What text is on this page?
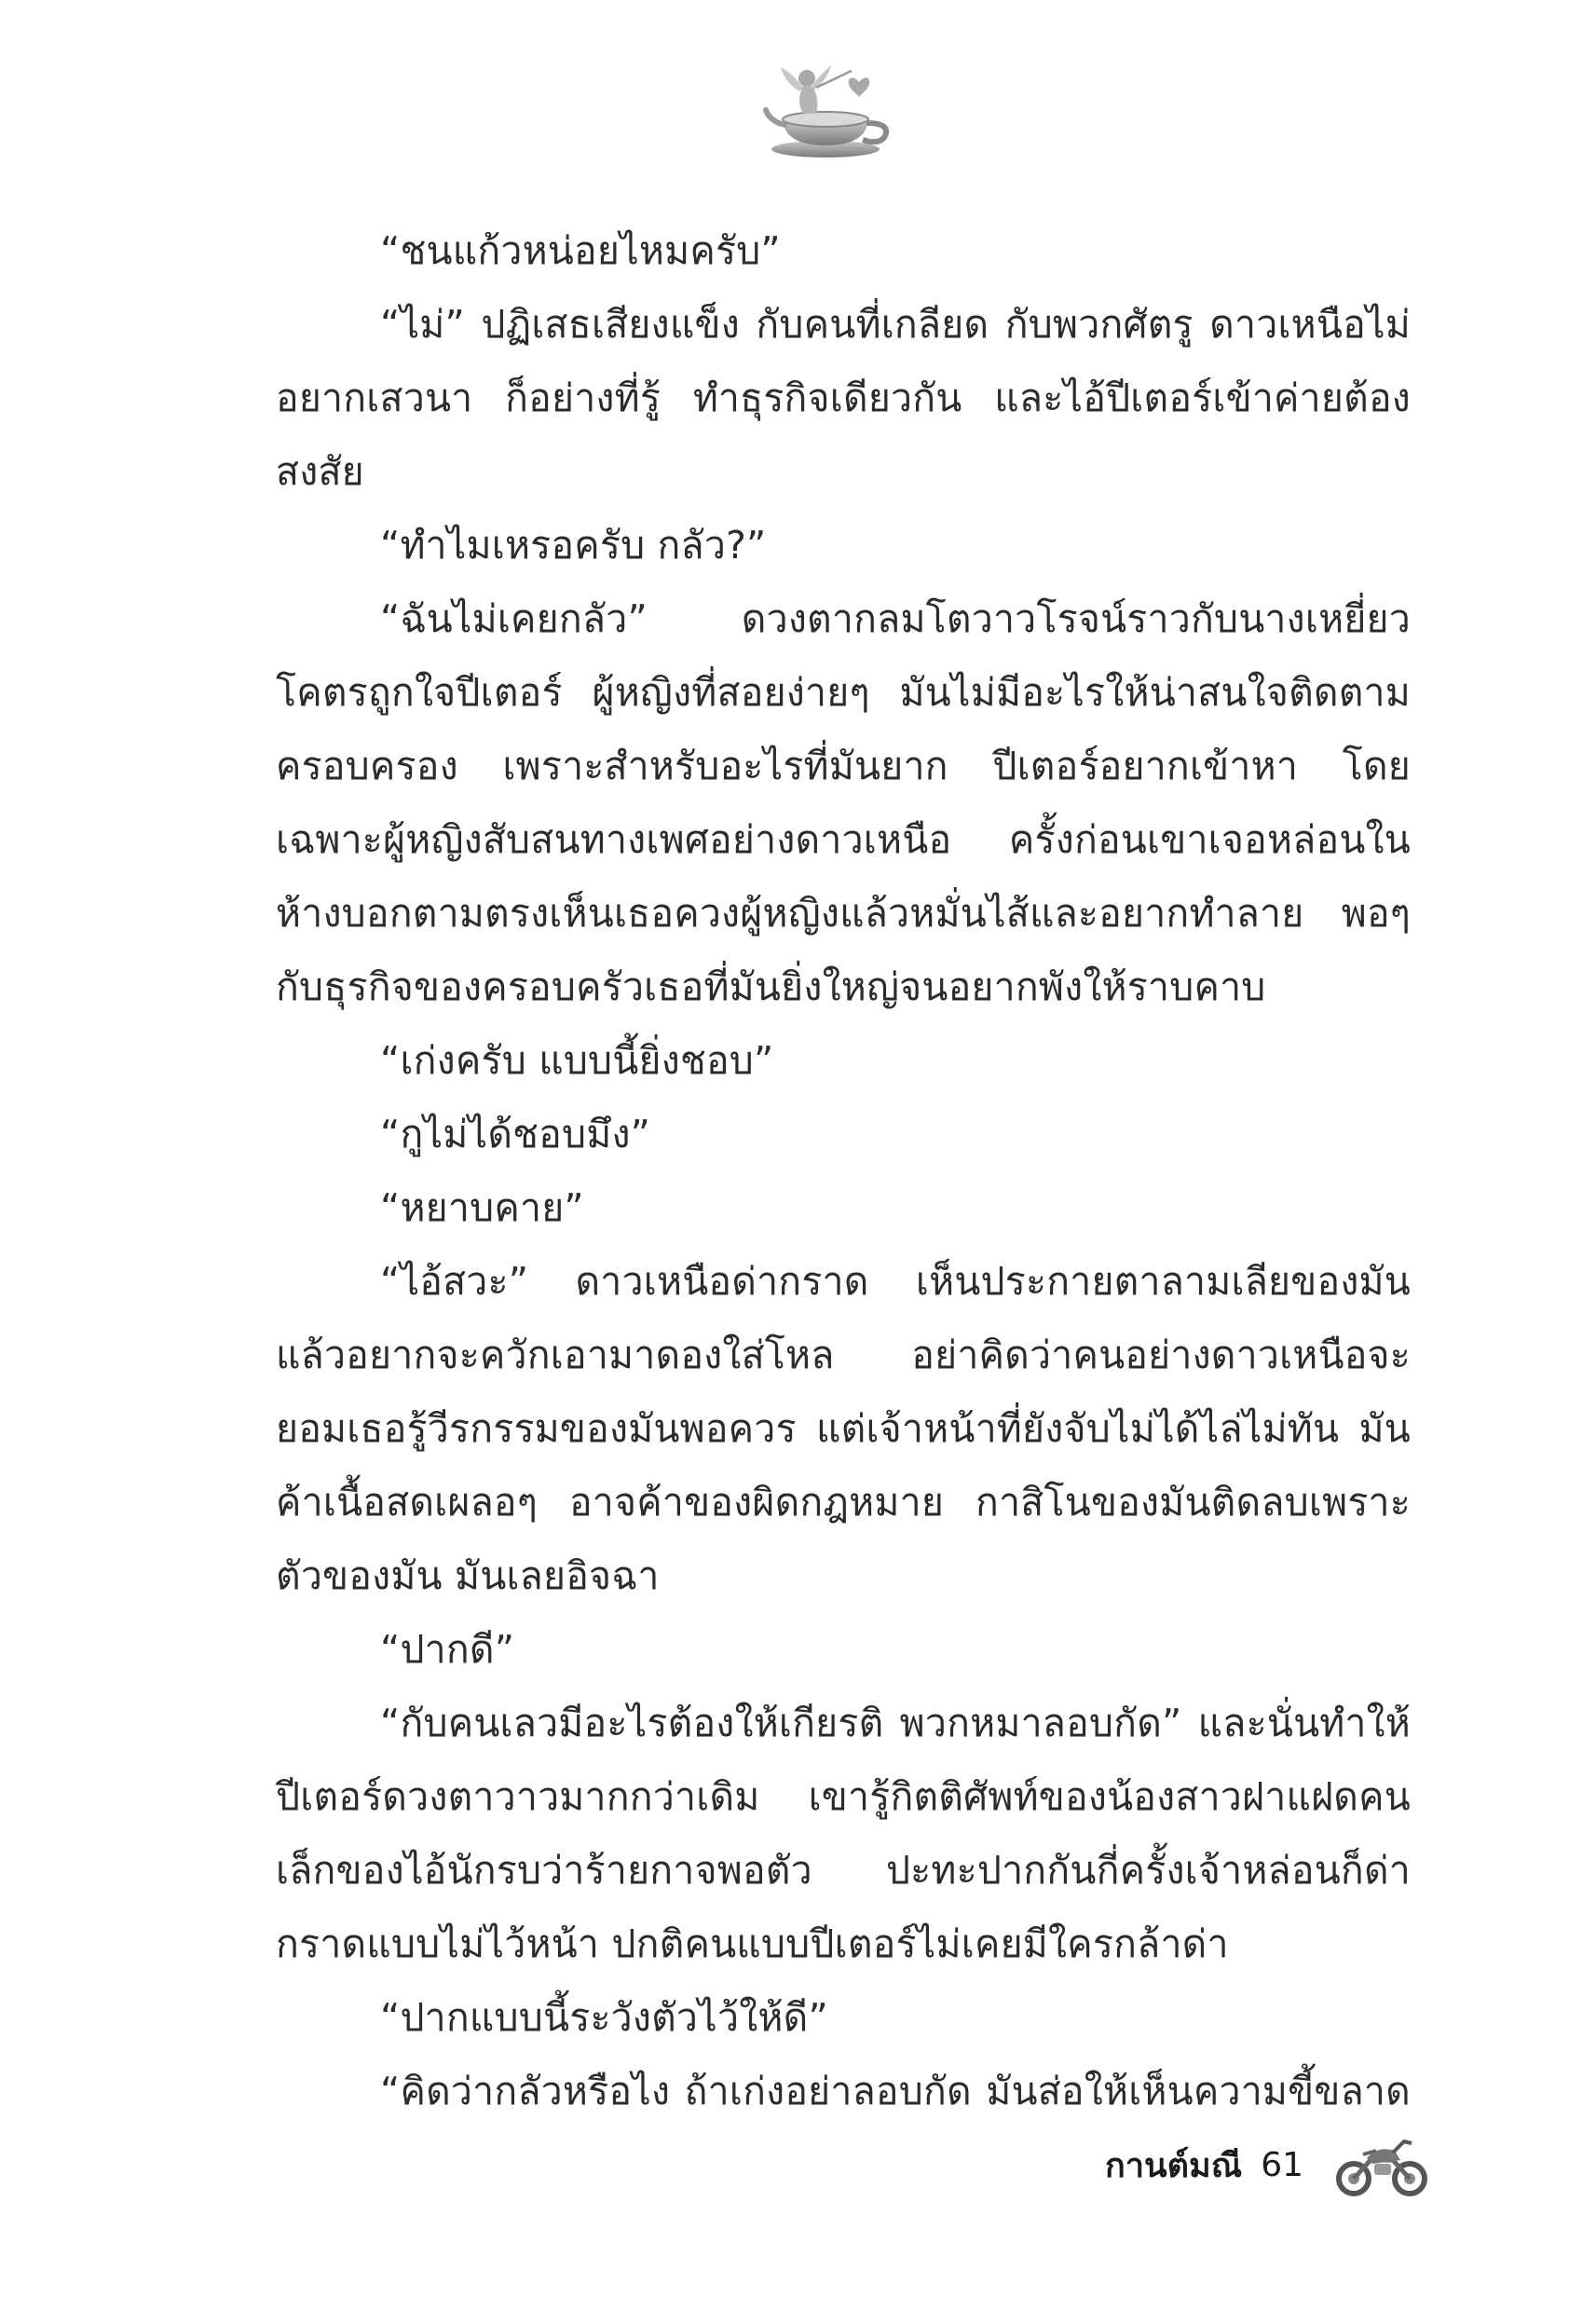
“ชนแก้วหน่อยไหมครับ”

“ไม่” ปฏิเสธเสียงแข็ง กับคนที่เกลียด กับพวกศัตรู ดาวเหนือไม่อยากเสวนา ก็อย่างที่รู้ ทำธุรกิจเดียวกัน และไอ้ปีเตอร์เข้าค่ายต้องสงสัย

“ทำไมเหรอครับ กลัว?”

“ฉันไม่เคยกลัว” ดวงตากลมโตวาวโรจน์ราวกับนางเหยี่ยวโคตรถูกใจปีเตอร์ ผู้หญิงที่สอยง่ายๆ มันไม่มีอะไรให้น่าสนใจติดตามครอบครอง เพราะสำหรับอะไรที่มันยาก ปีเตอร์อยากเข้าหา โดยเฉพาะผู้หญิงสับสนทางเพศอย่างดาวเหนือ ครั้งก่อนเขาเจอหล่อนในห้างบอกตามตรงเห็นเธอควงผู้หญิงแล้วหมั่นไส้และอยากทำลาย พอๆ กับธุรกิจของครอบครัวเธอที่มันยิ่งใหญ่จนอยากพังให้ราบคาบ

“เก่งครับ แบบนี้ยิ่งชอบ”

“กูไม่ได้ชอบมึง”

“หยาบคาย”

“ไอ้สวะ” ดาวเหนือด่ากราด เห็นประกายตาลามเลียของมันแล้วอยากจะควักเอามาดองใส่โหล อย่าคิดว่าคนอย่างดาวเหนือจะยอมเธอรู้วีรกรรมของมันพอควร แต่เจ้าหน้าที่ยังจับไม่ได้ไล่ไม่ทัน มันค้าเนื้อสดเผลอๆ อาจค้าของผิดกฎหมาย กาสิโนของมันติดลบเพราะตัวของมัน มันเลยอิจฉา

“ปากดี”

“กับคนเลวมีอะไรต้องให้เกียรติ พวกหมาลอบกัด” และนั่นทำให้ปีเตอร์ดวงตาวาวมากกว่าเดิม เขารู้กิตติศัพท์ของน้องสาวฝาแฝดคนเล็กของไอ้นักรบว่าร้ายกาจพอตัว ปะทะปากกันกี่ครั้งเจ้าหล่อนก็ด่ากราดแบบไม่ไว้หน้า ปกติคนแบบปีเตอร์ไม่เคยมีใครกล้าด่า

“ปากแบบนี้ระวังตัวไว้ให้ดี”

“คิดว่ากลัวหรือไง ถ้าเก่งอย่าลอบกัด มันส่อให้เห็นความขี้ขลาด

กานต์มณี 61
